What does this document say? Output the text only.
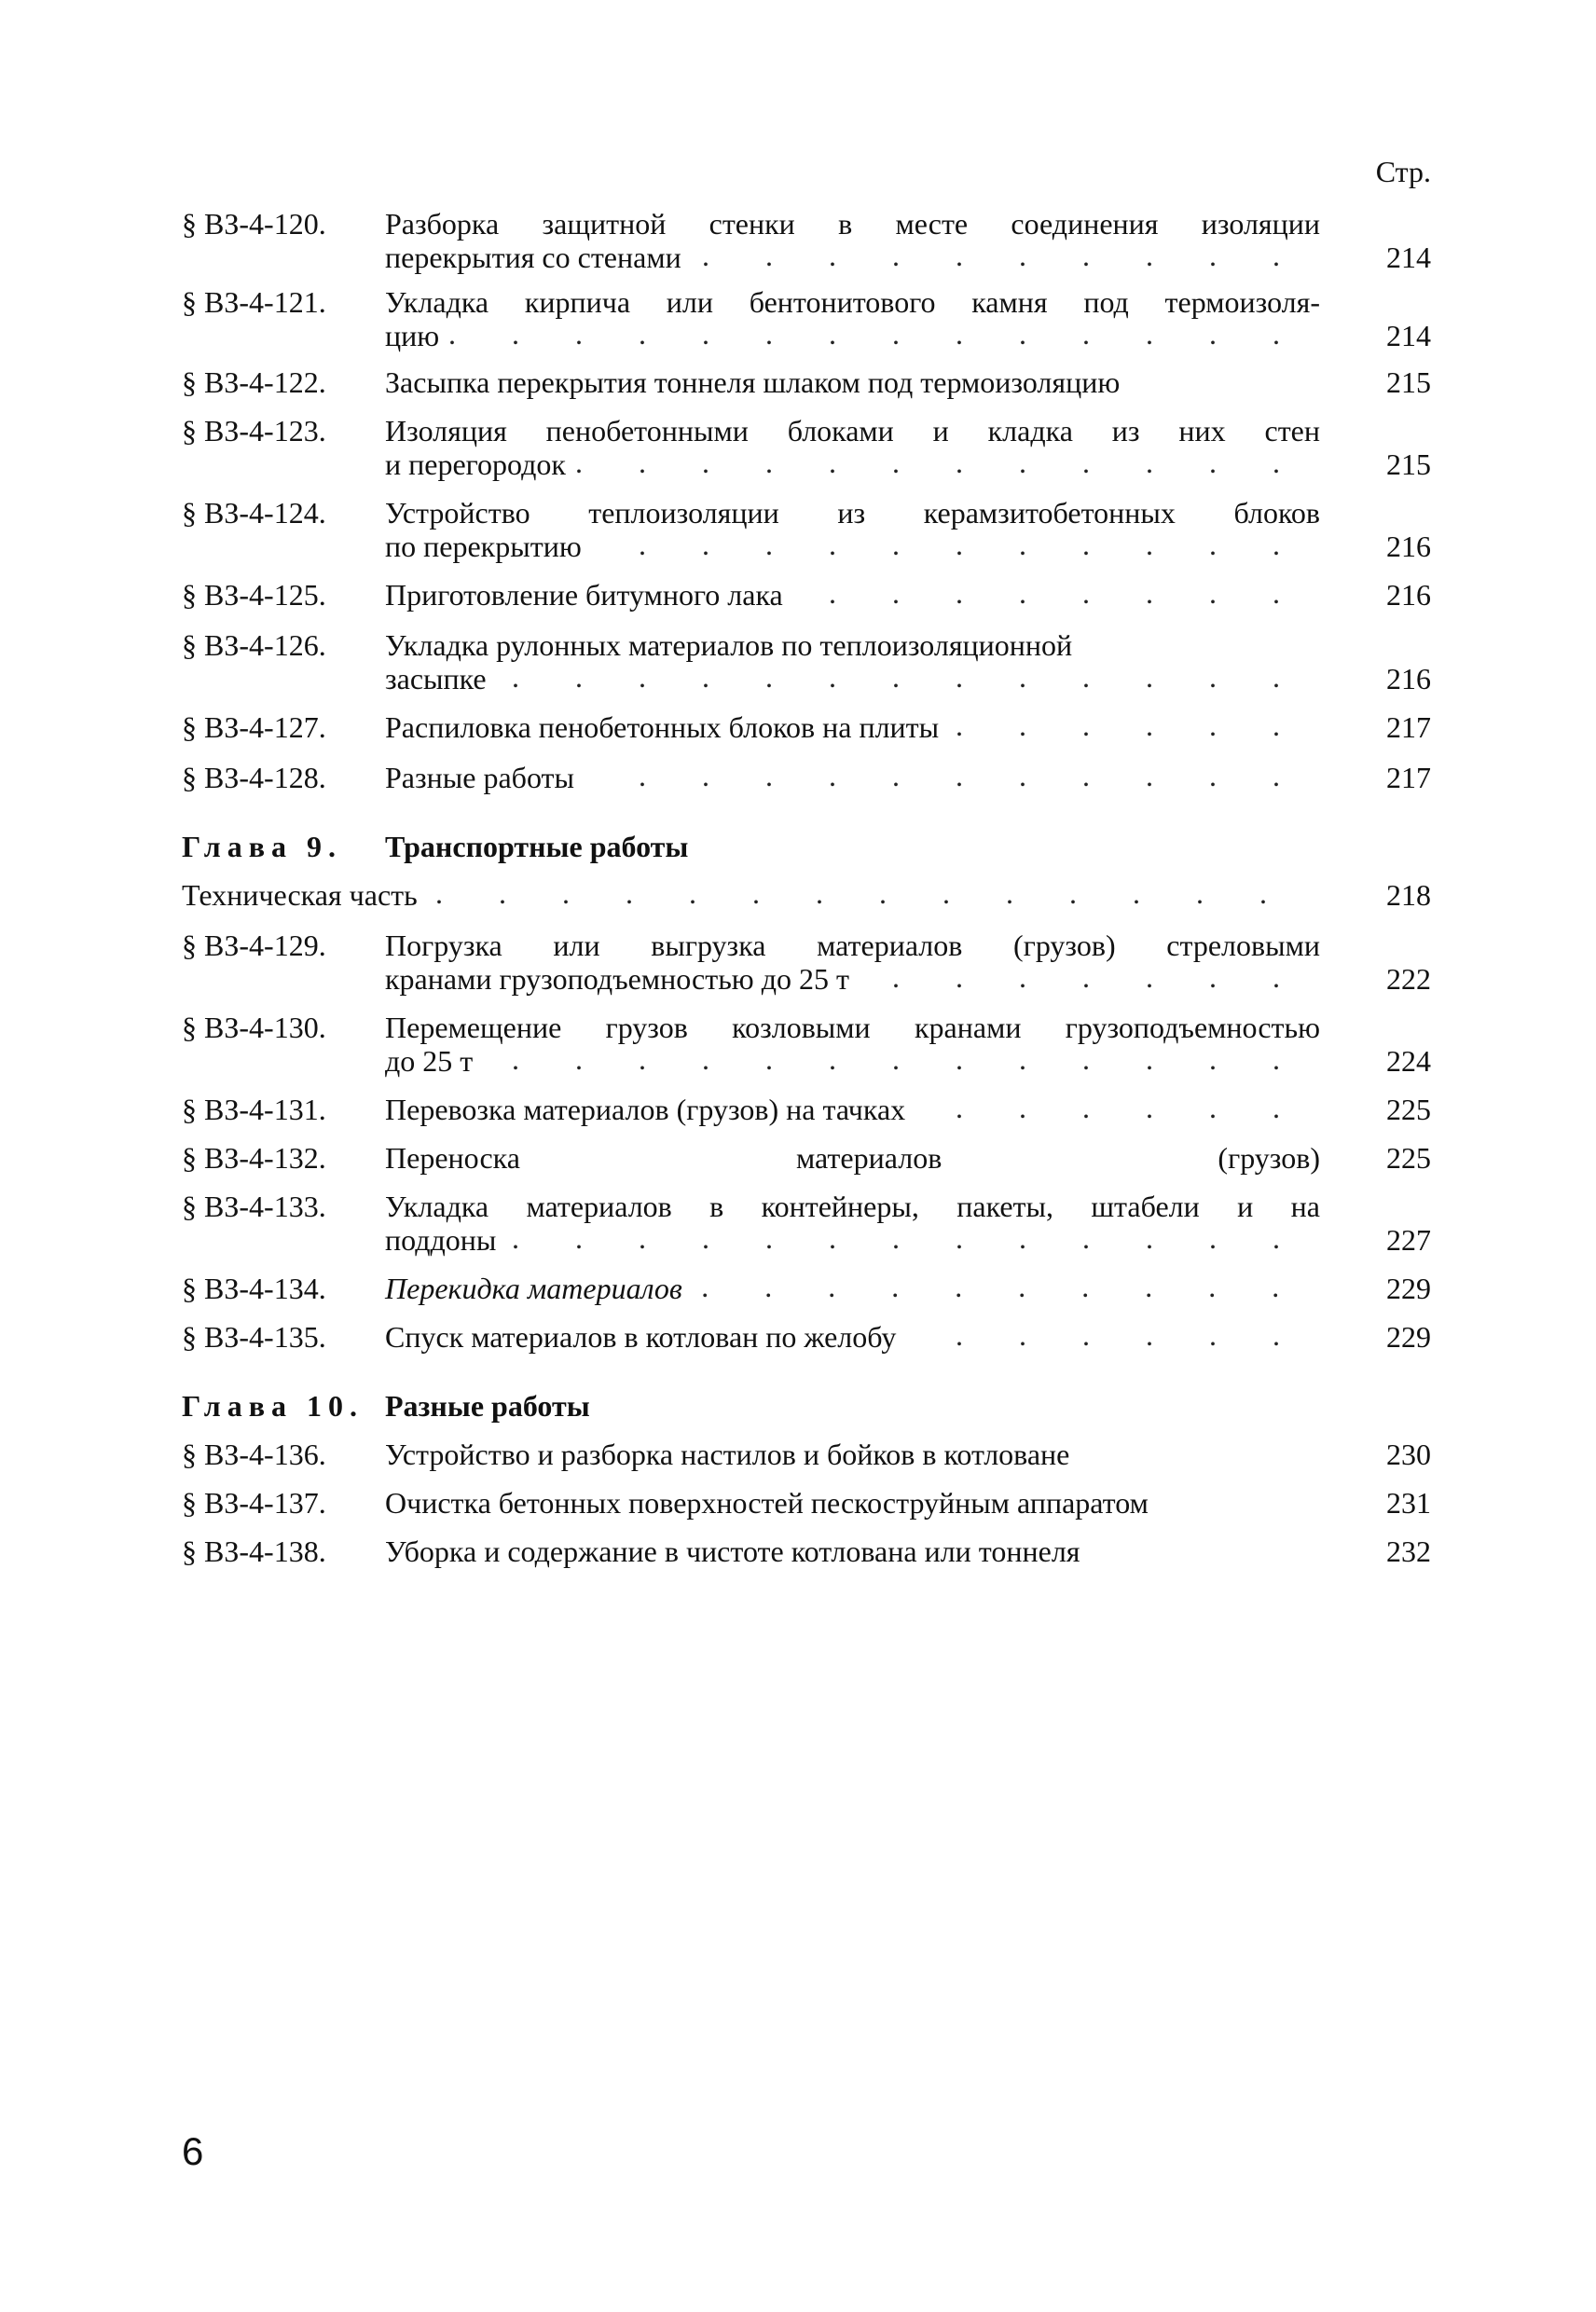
Стр.
§ ВЗ-4-120.	Разборка защитной стенки в месте соединения изоляции
. . .
перекрытия со стенами	214
§ ВЗ-4-121.	Укладка кирпича или бентонитового камня под термоизоля-
. . .
цию	214
§ ВЗ-4-122.	Засыпка перекрытия тоннеля шлаком под термоизоляцию	215
§ ВЗ-4-123.	Изоляция пенобетонными блоками и кладка из них стен
. . .
и перегородок	215
§ ВЗ-4-124.	Устройство теплоизоляции из керамзитобетонных блоков
. . .
по перекрытию	216
§ ВЗ-4-125. . . .	Приготовление битумного лака	216
§ ВЗ-4-126.	Укладка рулонных материалов по теплоизоляционной
. . .
засыпке	216
§ ВЗ-4-127. . . .	Распиловка пенобетонных блоков на плиты	217
§ ВЗ-4-128. . . .	Разные работы	217
Глава 9.	Транспортные работы
. . .
Техническая часть	218
§ ВЗ-4-129.	Погрузка или выгрузка материалов (грузов) стреловыми
. . .
кранами грузоподъемностью до 25 т	222
§ ВЗ-4-130.	Перемещение грузов козловыми кранами грузоподъемностью
. . .
до 25 т	224
§ ВЗ-4-131. . . .	Перевозка материалов (грузов) на тачках	225
§ ВЗ-4-132.	Переноска материалов (грузов)	225
§ ВЗ-4-133.	Укладка материалов в контейнеры, пакеты, штабели и на
. . .
поддоны	227
§ ВЗ-4-134. . . .	Перекидка материалов	229
§ ВЗ-4-135. . . .	Спуск материалов в котлован по желобу	229
Глава 10. Разные работы
§ ВЗ-4-136.	Устройство и разборка настилов и бойков в котловане	230
§ ВЗ-4-137.	Очистка бетонных поверхностей пескоструйным аппаратом	231
§ ВЗ-4-138.	Уборка и содержание в чистоте котлована или тоннеля	232
6
